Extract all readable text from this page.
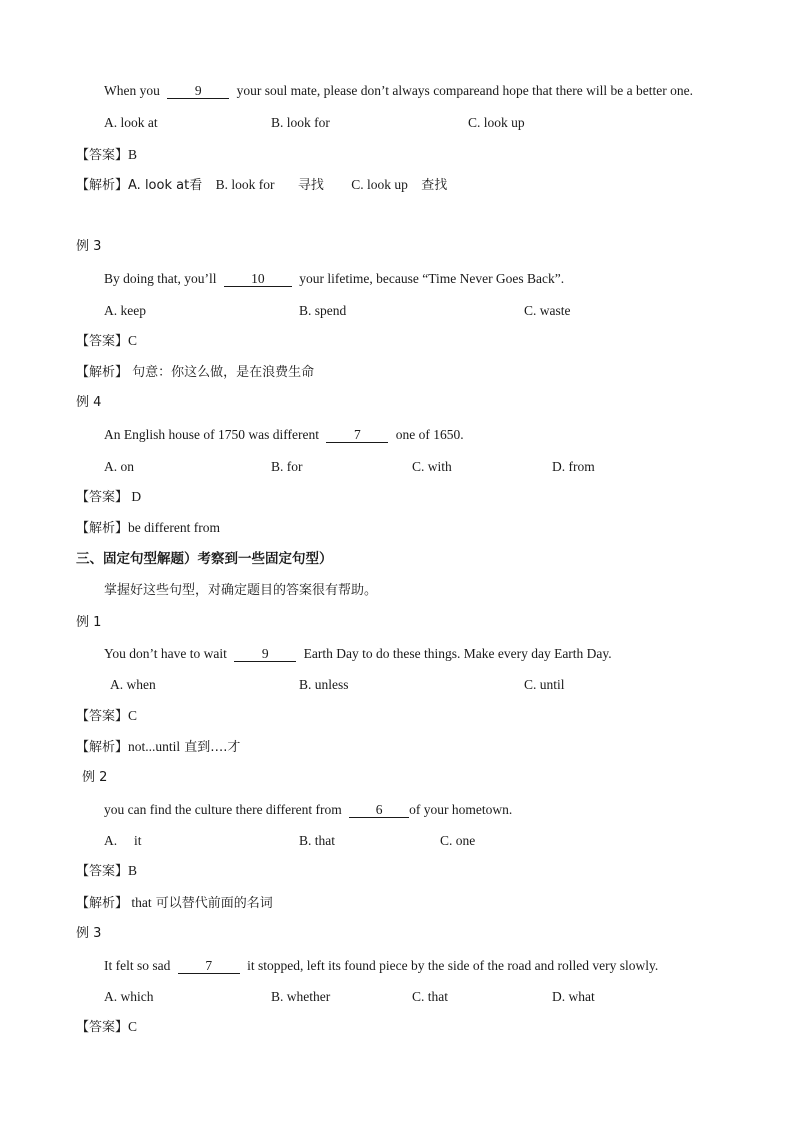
When you	9	your soul mate, please don’t always compareand hope that there will be a better one.
A. look at	B. look for	C. look up
【答案】B
【解析】A. look at看 B. look for 寻找 C. look up 查找
例 3
By doing that, you’ll	10	your lifetime, because “Time Never Goes Back”.
A. keep	B. spend	C. waste
【答案】C
【解析】 句意：你这么做，是在浪费生命
例 4
An English house of 1750 was different	7	one of 1650.
A. on	B. for	C. with	D. from
【答案】 D
【解析】be different from
三、固定句型解题）考察到一些固定句型）
掌握好这些句型，对确定题目的答案很有帮助。
例 1
You don’t have to wait	9	Earth Day to do these things. Make every day Earth Day.
A. when	B. unless	C. until
【答案】C
【解析】not...until 直到….才
例 2
you can find the culture there different from	6 of your hometown.
A.     it	B. that	C. one
【答案】B
【解析】 that 可以替代前面的名词
例 3
It felt so sad	7	it stopped, left its found piece by the side of the road and rolled very slowly.
A. which	B. whether	C. that	D. what
【答案】C
